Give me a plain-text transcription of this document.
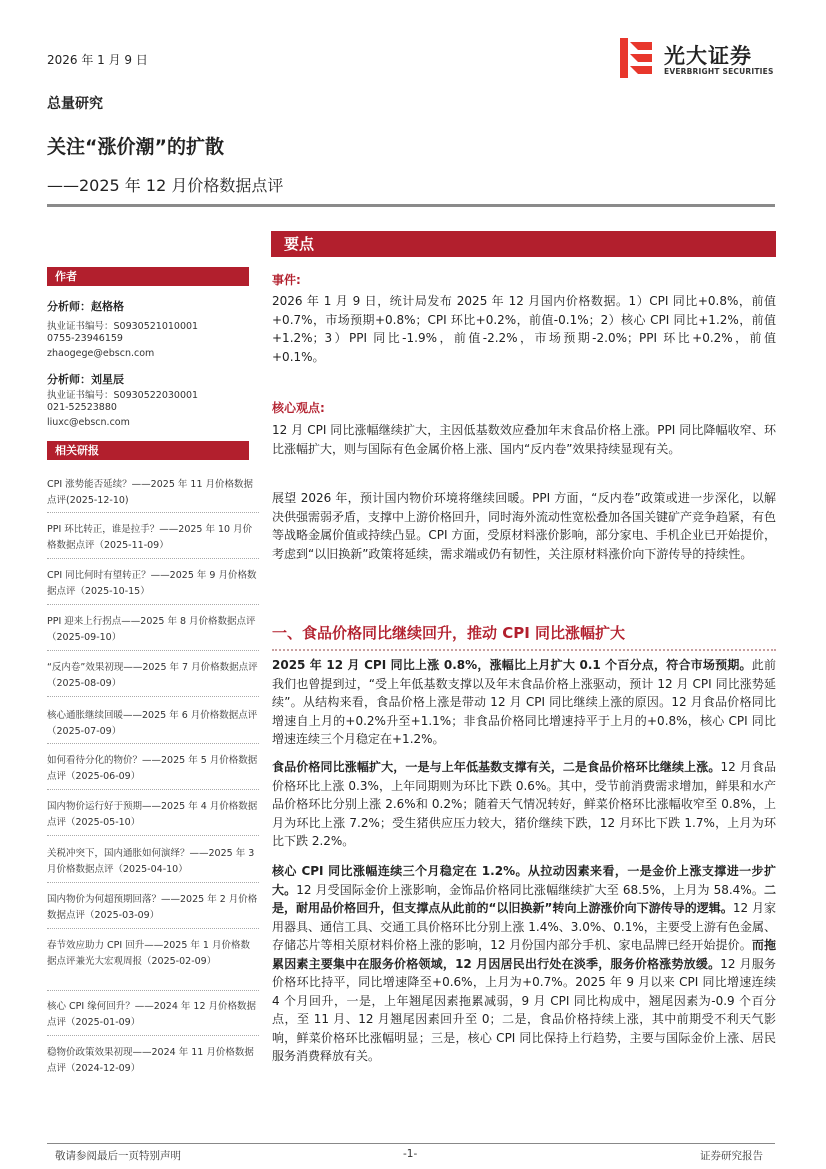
2026 年 1 月 9 日	光大证券
EVERBRIGHT SECURITIES
总量研究
关注“涨价潮”的扩散
——2025 年 12 月价格数据点评
作者
分析师：赵格格
执业证书编号：S0930521010001
0755-23946159
zhaogege@ebscn.com
分析师：刘星辰
执业证书编号：S0930522030001
021-52523880
liuxc@ebscn.com
相关研报
CPI 涨势能否延续？——2025 年 11 月价格数据点评(2025-12-10)
PPI 环比转正，谁是拉手？——2025 年 10 月价格数据点评（2025-11-09）
CPI 同比何时有望转正？——2025 年 9 月价格数据点评（2025-10-15）
PPI 迎来上行拐点——2025 年 8 月价格数据点评（2025-09-10）
“反内卷”效果初现——2025 年 7 月价格数据点评（2025-08-09）
核心通胀继续回暖——2025 年 6 月价格数据点评（2025-07-09）
如何看待分化的物价？——2025 年 5 月价格数据点评（2025-06-09）
国内物价运行好于预期——2025 年 4 月价格数据点评（2025-05-10）
关税冲突下，国内通胀如何演绎？——2025 年 3 月价格数据点评（2025-04-10）
国内物价为何超预期回落？——2025 年 2 月价格数据点评（2025-03-09）
春节效应助力 CPI 回升——2025 年 1 月价格数据点评兼光大宏观周报（2025-02-09）
核心 CPI 缘何回升？——2024 年 12 月价格数据点评（2025-01-09）
稳物价政策效果初现——2024 年 11 月价格数据点评（2024-12-09）
要点
事件:
2026 年 1 月 9 日，统计局发布 2025 年 12 月国内价格数据。1）CPI 同比+0.8%，前值+0.7%，市场预期+0.8%；CPI 环比+0.2%，前值-0.1%；2）核心 CPI 同比+1.2%，前值+1.2%；3）PPI 同比-1.9%，前值-2.2%，市场预期-2.0%；PPI 环比+0.2%，前值+0.1%。
核心观点:
12 月 CPI 同比涨幅继续扩大，主因低基数效应叠加年末食品价格上涨。PPI 同比降幅收窄、环比涨幅扩大，则与国际有色金属价格上涨、国内“反内卷”效果持续显现有关。
展望 2026 年，预计国内物价环境将继续回暖。PPI 方面，“反内卷”政策或进一步深化，以解决供强需弱矛盾，支撑中上游价格回升，同时海外流动性宽松叠加各国关键矿产竞争趋紧，有色等战略金属价值或持续凸显。CPI 方面，受原材料涨价影响，部分家电、手机企业已开始提价，考虑到“以旧换新”政策将延续，需求端或仍有韧性，关注原材料涨价向下游传导的持续性。
一、食品价格同比继续回升，推动 CPI 同比涨幅扩大
2025 年 12 月 CPI 同比上涨 0.8%，涨幅比上月扩大 0.1 个百分点，符合市场预期。此前我们也曾提到过，“受上年低基数支撑以及年末食品价格上涨驱动，预计 12 月 CPI 同比涨势延续”。从结构来看，食品价格上涨是带动 12 月 CPI 同比继续上涨的原因。12 月食品价格同比增速自上月的+0.2%升至+1.1%；非食品价格同比增速持平于上月的+0.8%，核心 CPI 同比增速连续三个月稳定在+1.2%。
食品价格同比涨幅扩大，一是与上年低基数支撑有关，二是食品价格环比继续上涨。12 月食品价格环比上涨 0.3%，上年同期则为环比下跌 0.6%。其中，受节前消费需求增加，鲜果和水产品价格环比分别上涨 2.6%和 0.2%；随着天气情况转好，鲜菜价格环比涨幅收窄至 0.8%，上月为环比上涨 7.2%；受生猪供应压力较大，猪价继续下跌，12 月环比下跌 1.7%，上月为环比下跌 2.2%。
核心 CPI 同比涨幅连续三个月稳定在 1.2%。从拉动因素来看，一是金价上涨支撑进一步扩大。12 月受国际金价上涨影响，金饰品价格同比涨幅继续扩大至 68.5%，上月为 58.4%。二是，耐用品价格回升，但支撑点从此前的“以旧换新”转向上游涨价向下游传导的逻辑。12 月家用器具、通信工具、交通工具价格环比分别上涨 1.4%、3.0%、0.1%，主要受上游有色金属、存储芯片等相关原材料价格上涨的影响，12 月份国内部分手机、家电品牌已经开始提价。而拖累因素主要集中在服务价格领域，12 月因居民出行处在淡季，服务价格涨势放缓。12 月服务价格环比持平，同比增速降至+0.6%，上月为+0.7%。2025 年 9 月以来 CPI 同比增速连续 4 个月回升，一是，上年翘尾因素拖累减弱，9 月 CPI 同比构成中，翘尾因素为-0.9 个百分点，至 11 月、12 月翘尾因素回升至 0；二是，食品价格持续上涨，其中前期受不利天气影响，鲜菜价格环比涨幅明显；三是，核心 CPI 同比保持上行趋势，主要与国际金价上涨、居民服务消费释放有关。
敬请参阅最后一页特别声明	-1-	证券研究报告
